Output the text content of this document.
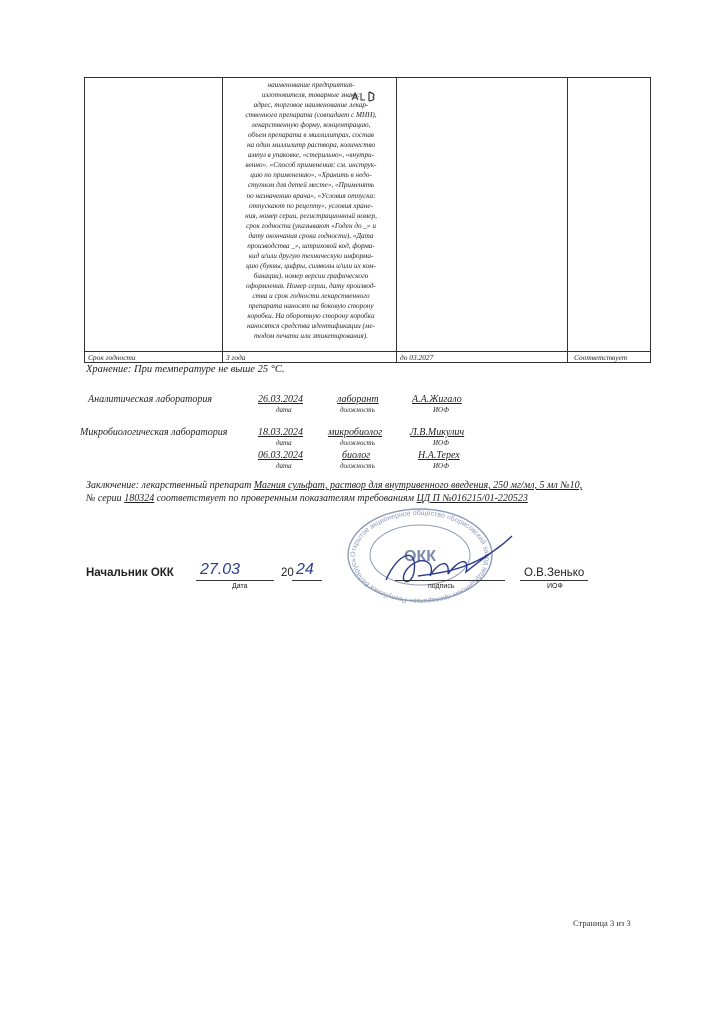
наименование предприятия-
изготовителя, товарные знаки:
адрес, торговое наименование лекар-
ственного препарата (совпадает с МНН),
лекарственную форму, концентрацию,
объем препарата в миллилитрах, состав
на один миллилитр раствора, количество
ампул в упаковке, «стерильно», «внутри-
венно». «Способ применения: см. инструк-
цию по применению», «Хранить в недо-
ступном для детей месте», «Применять
по назначению врача», «Условия отпуска:
отпускают по рецепту», условия хране-
ния, номер серии, регистрационный номер,
срок годности (указывают «Годен до _» и
дату окончания срока годности), «Дата
производства _», штриховой код, форма-
кид и/или другую техническую информа-
цию (буквы, цифры, символы и/или их ком-
бинации), номер версии графического
оформления. Номер серии, дату производ-
ства и срок годности лекарственного
препарата наносят на боковую сторону
коробки. На оборотную сторону коробки
наносятся средства идентификации (ме-
тодом печати или этикетирования).
Срок годности	3 года	до 03.2027	Соответствует
Хранение: При температуре не выше 25 °С.
Аналитическая лаборатория	26.03.2024	лаборант	А.А.Жигало
дата	должность	ИОФ
Микробиологическая лаборатория	18.03.2024	микробиолог	Л.В.Микулич
дата	должность	ИОФ
06.03.2024	биолог	Н.А.Терех
дата	должность	ИОФ
Заключение: лекарственный препарат Магния сульфат, раствор для внутривенного введения, 250 мг/мл, 5 мл №10,
№ серии 180324 соответствует по проверенным показателям требованиям ЦД П №016215/01-220523
ОКК
Открытое акционерное общество «Борисовский завод медицинских препаратов» Республика Беларусь
Начальник ОКК 27.03	20 24
Дата	подпись
О.В.Зенько
ИОФ
Страница 3 из 3
